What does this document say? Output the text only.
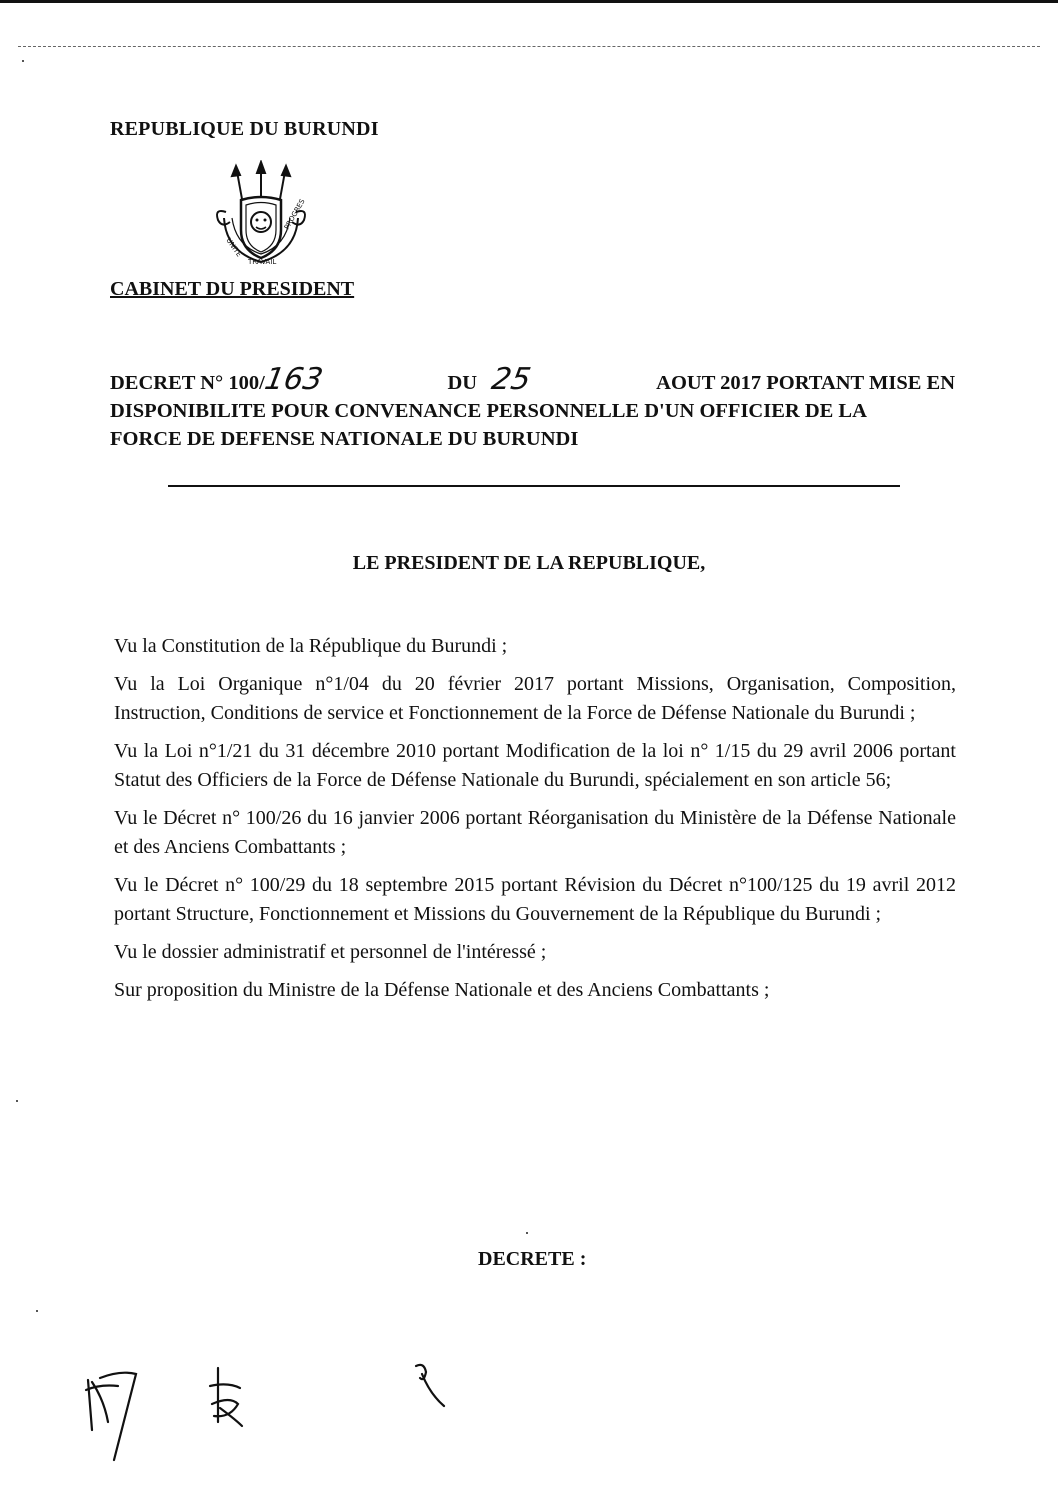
REPUBLIQUE DU BURUNDI
UNITE
TRAVAIL
PROGRES
CABINET DU PRESIDENT
DECRET N° 100/163	DU 25	AOUT 2017 PORTANT MISE EN
DISPONIBILITE POUR CONVENANCE PERSONNELLE D'UN OFFICIER DE LA
FORCE DE DEFENSE NATIONALE DU BURUNDI
LE PRESIDENT DE LA REPUBLIQUE,

Vu la Constitution de la République du Burundi ;

Vu la Loi Organique n°1/04 du 20 février 2017 portant Missions, Organisation, Composition, Instruction, Conditions de service et Fonctionnement de la Force de Défense Nationale du Burundi ;

Vu la Loi n°1/21 du 31 décembre 2010 portant Modification de la loi n° 1/15 du 29 avril 2006 portant Statut des Officiers de la Force de Défense Nationale du Burundi, spécialement en son article 56;

Vu le Décret n° 100/26 du 16 janvier 2006 portant Réorganisation du Ministère de la Défense Nationale et des Anciens Combattants ;

Vu le Décret n° 100/29 du 18 septembre 2015 portant Révision du Décret n°100/125 du 19 avril 2012 portant Structure, Fonctionnement et Missions du Gouvernement de la République du Burundi ;

Vu le dossier administratif et personnel de l'intéressé ;

Sur proposition du Ministre de la Défense Nationale et des Anciens Combattants ;

DECRETE :
